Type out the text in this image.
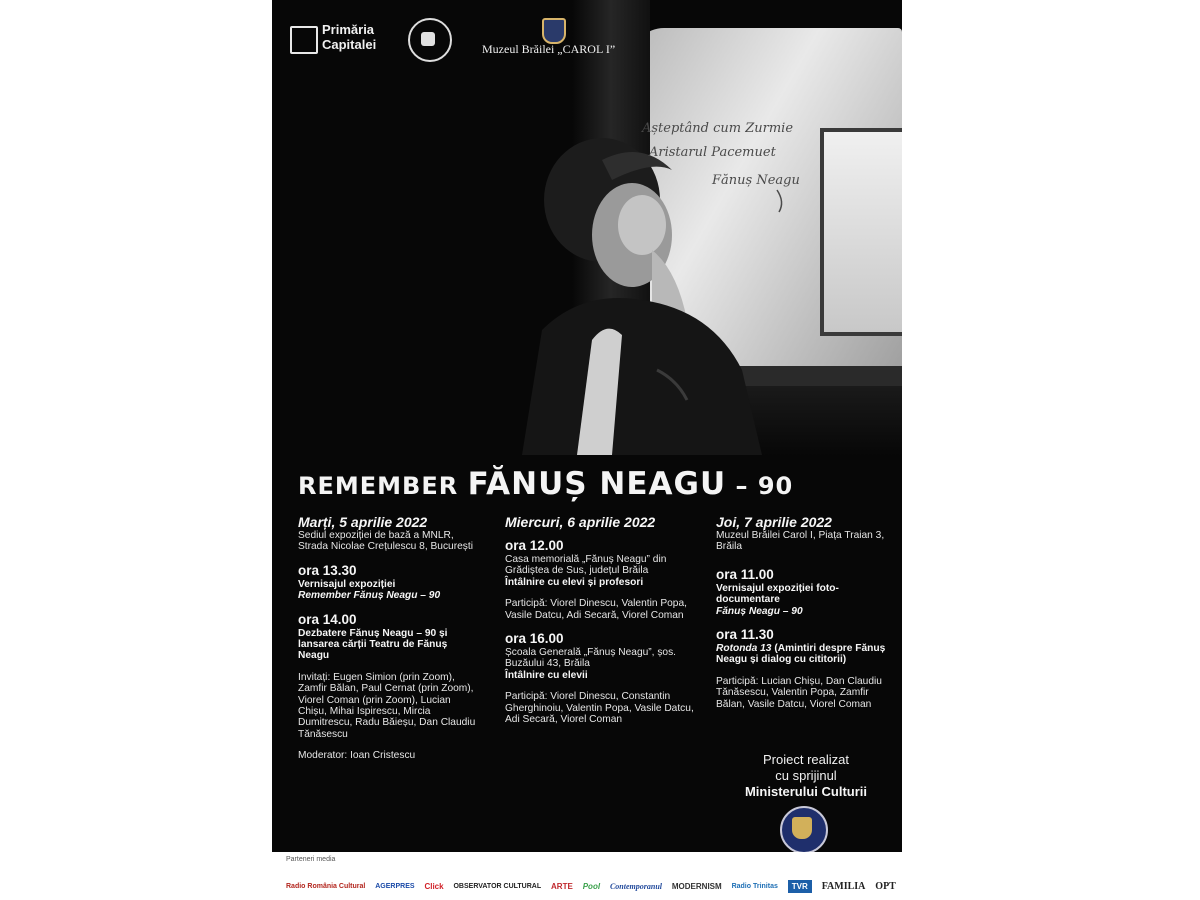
Așteptând cum Zurmie
Aristarul Pacemuet
Fănuș Neagu
Primăria
Capitalei	Muzeul Brăilei „CAROL I”
REMEMBER FĂNUȘ NEAGU – 90
Marți, 5 aprilie 2022
Sediul expoziției de bază a MNLR, Strada Nicolae Crețulescu 8, București
ora 13.30
Vernisajul expoziției
Remember Fănuș Neagu – 90
ora 14.00
Dezbatere Fănuș Neagu – 90 și lansarea cărții Teatru de Fănuș Neagu
Invitați: Eugen Simion (prin Zoom), Zamfir Bălan, Paul Cernat (prin Zoom), Viorel Coman (prin Zoom), Lucian Chișu, Mihai Ispirescu, Mircia Dumitrescu, Radu Băieșu, Dan Claudiu Tănăsescu
Moderator: Ioan Cristescu
Miercuri, 6 aprilie 2022
ora 12.00
Casa memorială „Fănuș Neagu” din Grădiștea de Sus, județul Brăila
Întâlnire cu elevi și profesori
Participă: Viorel Dinescu, Valentin Popa, Vasile Datcu, Adi Secară, Viorel Coman
ora 16.00
Școala Generală „Fănuș Neagu”, șos. Buzăului 43, Brăila
Întâlnire cu elevii
Participă: Viorel Dinescu, Constantin Gherghinoiu, Valentin Popa, Vasile Datcu, Adi Secară, Viorel Coman
Joi, 7 aprilie 2022
Muzeul Brăilei Carol I, Piața Traian 3, Brăila
ora 11.00
Vernisajul expoziției foto-documentare
Fănuș Neagu – 90
ora 11.30
Rotonda 13 (Amintiri despre Fănuș Neagu și dialog cu cititorii)
Participă: Lucian Chișu, Dan Claudiu Tănăsescu, Valentin Popa, Zamfir Bălan, Vasile Datcu, Viorel Coman
Proiect realizat
cu sprijinul
Ministerului Culturii
Parteneri media
Radio România Cultural AGERPRES Click OBSERVATOR CULTURAL ARTE Pool Contemporanul MODERNISM Radio Trinitas	TVR	FAMILIA OPT
